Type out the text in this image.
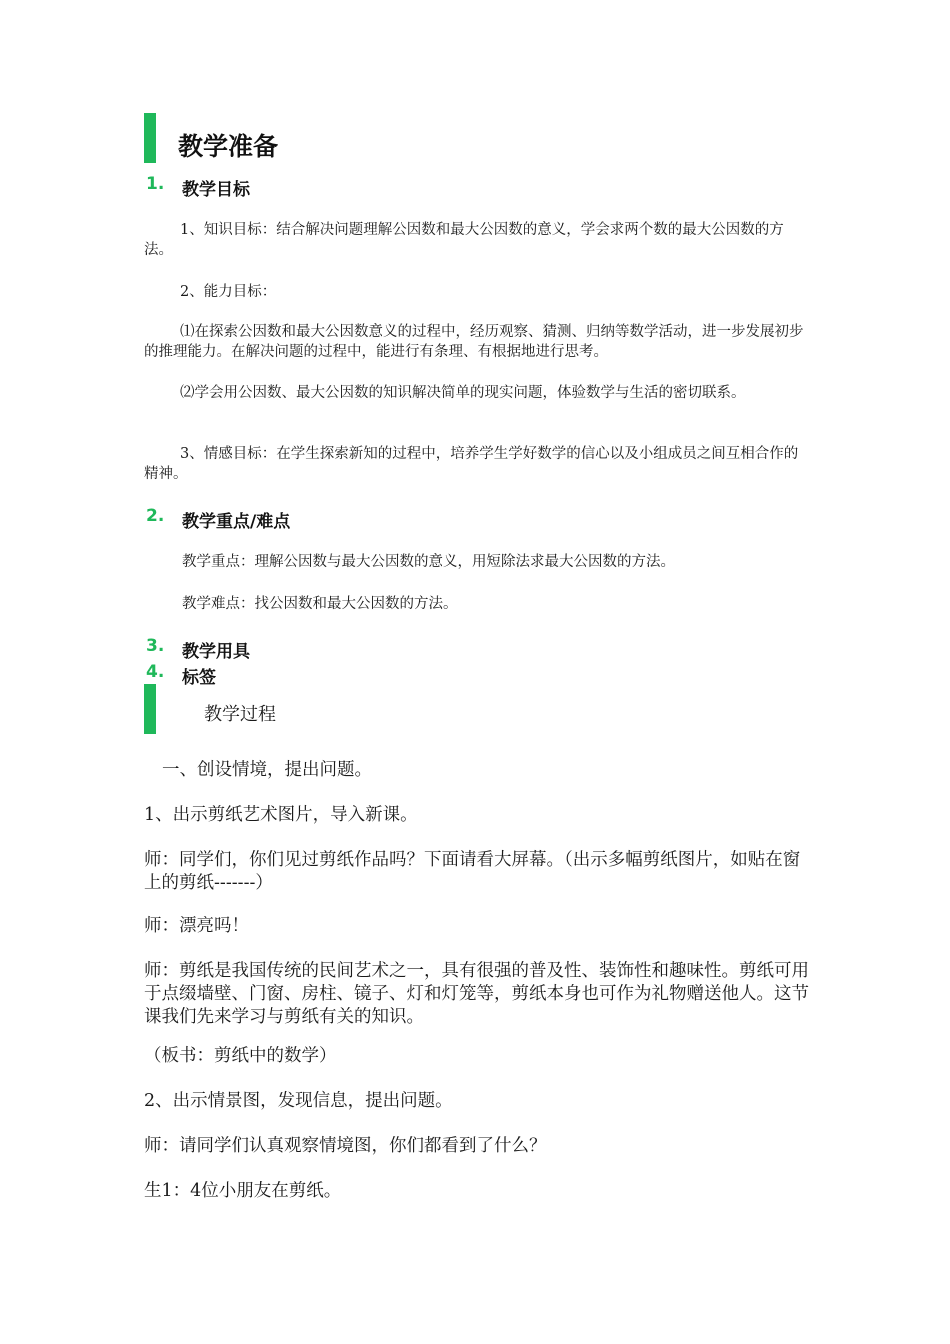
教学准备
1. 教学目标

1、知识目标：结合解决问题理解公因数和最大公因数的意义，学会求两个数的最大公因数的方法。

2、能力目标：

⑴在探索公因数和最大公因数意义的过程中，经历观察、猜测、归纳等数学活动，进一步发展初步的推理能力。在解决问题的过程中，能进行有条理、有根据地进行思考。

⑵学会用公因数、最大公因数的知识解决简单的现实问题，体验数学与生活的密切联系。

3、情感目标：在学生探索新知的过程中，培养学生学好数学的信心以及小组成员之间互相合作的精神。

2. 教学重点/难点

教学重点：理解公因数与最大公因数的意义，用短除法求最大公因数的方法。

教学难点：找公因数和最大公因数的方法。

3. 教学用具
4. 标签
教学过程

一、创设情境，提出问题。

1、出示剪纸艺术图片，导入新课。

师：同学们，你们见过剪纸作品吗？下面请看大屏幕。（出示多幅剪纸图片，如贴在窗上的剪纸-------）

师：漂亮吗！

师：剪纸是我国传统的民间艺术之一，具有很强的普及性、装饰性和趣味性。剪纸可用于点缀墙壁、门窗、房柱、镜子、灯和灯笼等，剪纸本身也可作为礼物赠送他人。这节课我们先来学习与剪纸有关的知识。

（板书：剪纸中的数学）

2、出示情景图，发现信息，提出问题。

师：请同学们认真观察情境图，你们都看到了什么？

生1：4位小朋友在剪纸。
